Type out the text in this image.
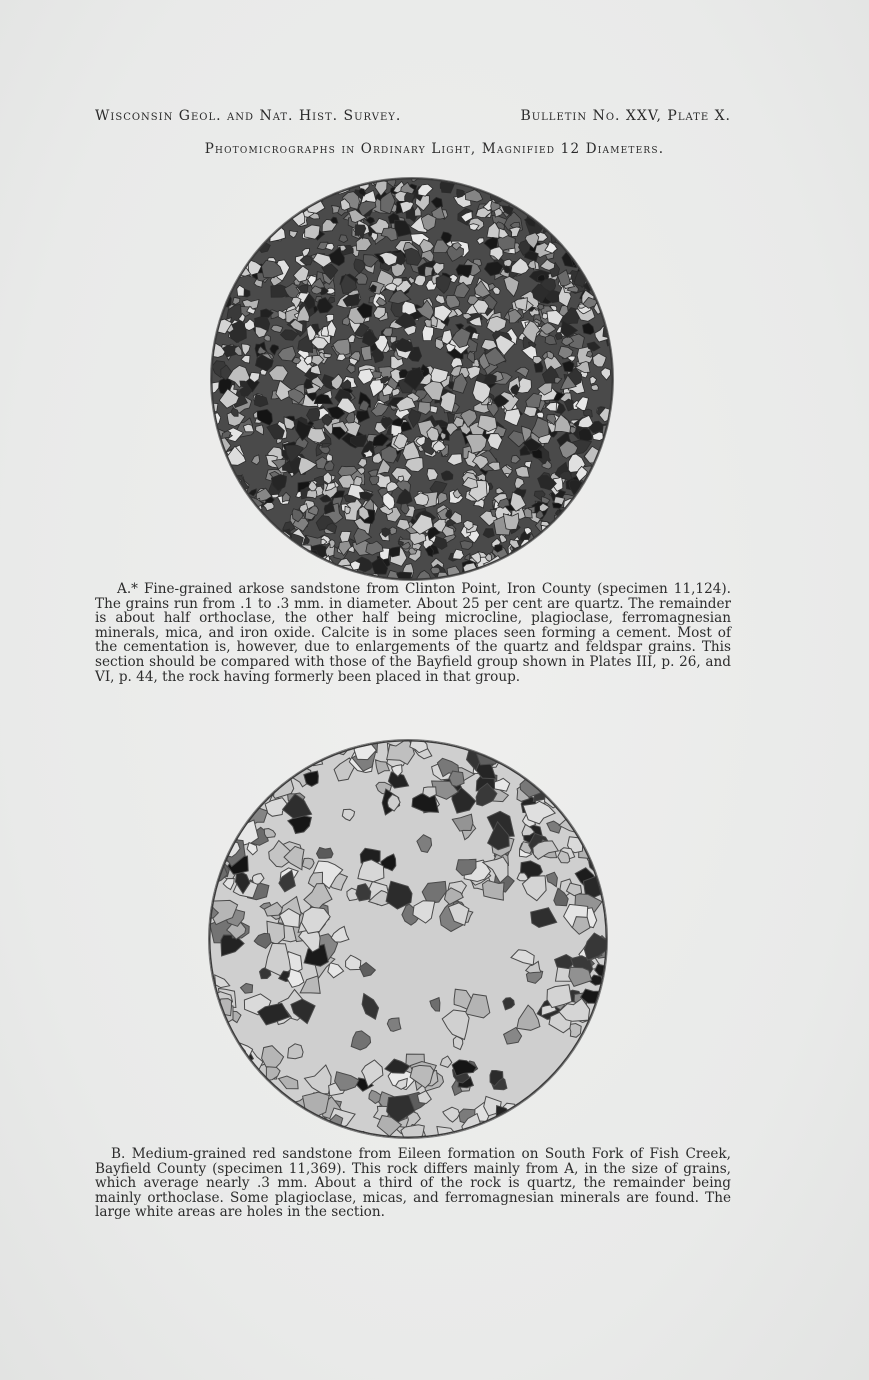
Wisconsin Geol. and Nat. Hist. Survey.	Bulletin No. XXV, Plate X.
Photomicrographs in Ordinary Light, Magnified 12 Diameters.
A.* Fine-grained arkose sandstone from Clinton Point, Iron County (specimen 11,124). The grains run from .1 to .3 mm. in diameter. About 25 per cent are quartz. The remainder is about half orthoclase, the other half being microcline, plagioclase, ferromagnesian minerals, mica, and iron oxide. Calcite is in some places seen forming a cement. Most of the cementation is, however, due to enlargements of the quartz and feldspar grains. This section should be compared with those of the Bayfield group shown in Plates III, p. 26, and VI, p. 44, the rock having formerly been placed in that group.
B. Medium-grained red sandstone from Eileen formation on South Fork of Fish Creek, Bayfield County (specimen 11,369). This rock differs mainly from A, in the size of grains, which average nearly .3 mm. About a third of the rock is quartz, the remainder being mainly orthoclase. Some plagioclase, micas, and ferromagnesian minerals are found. The large white areas are holes in the section.
